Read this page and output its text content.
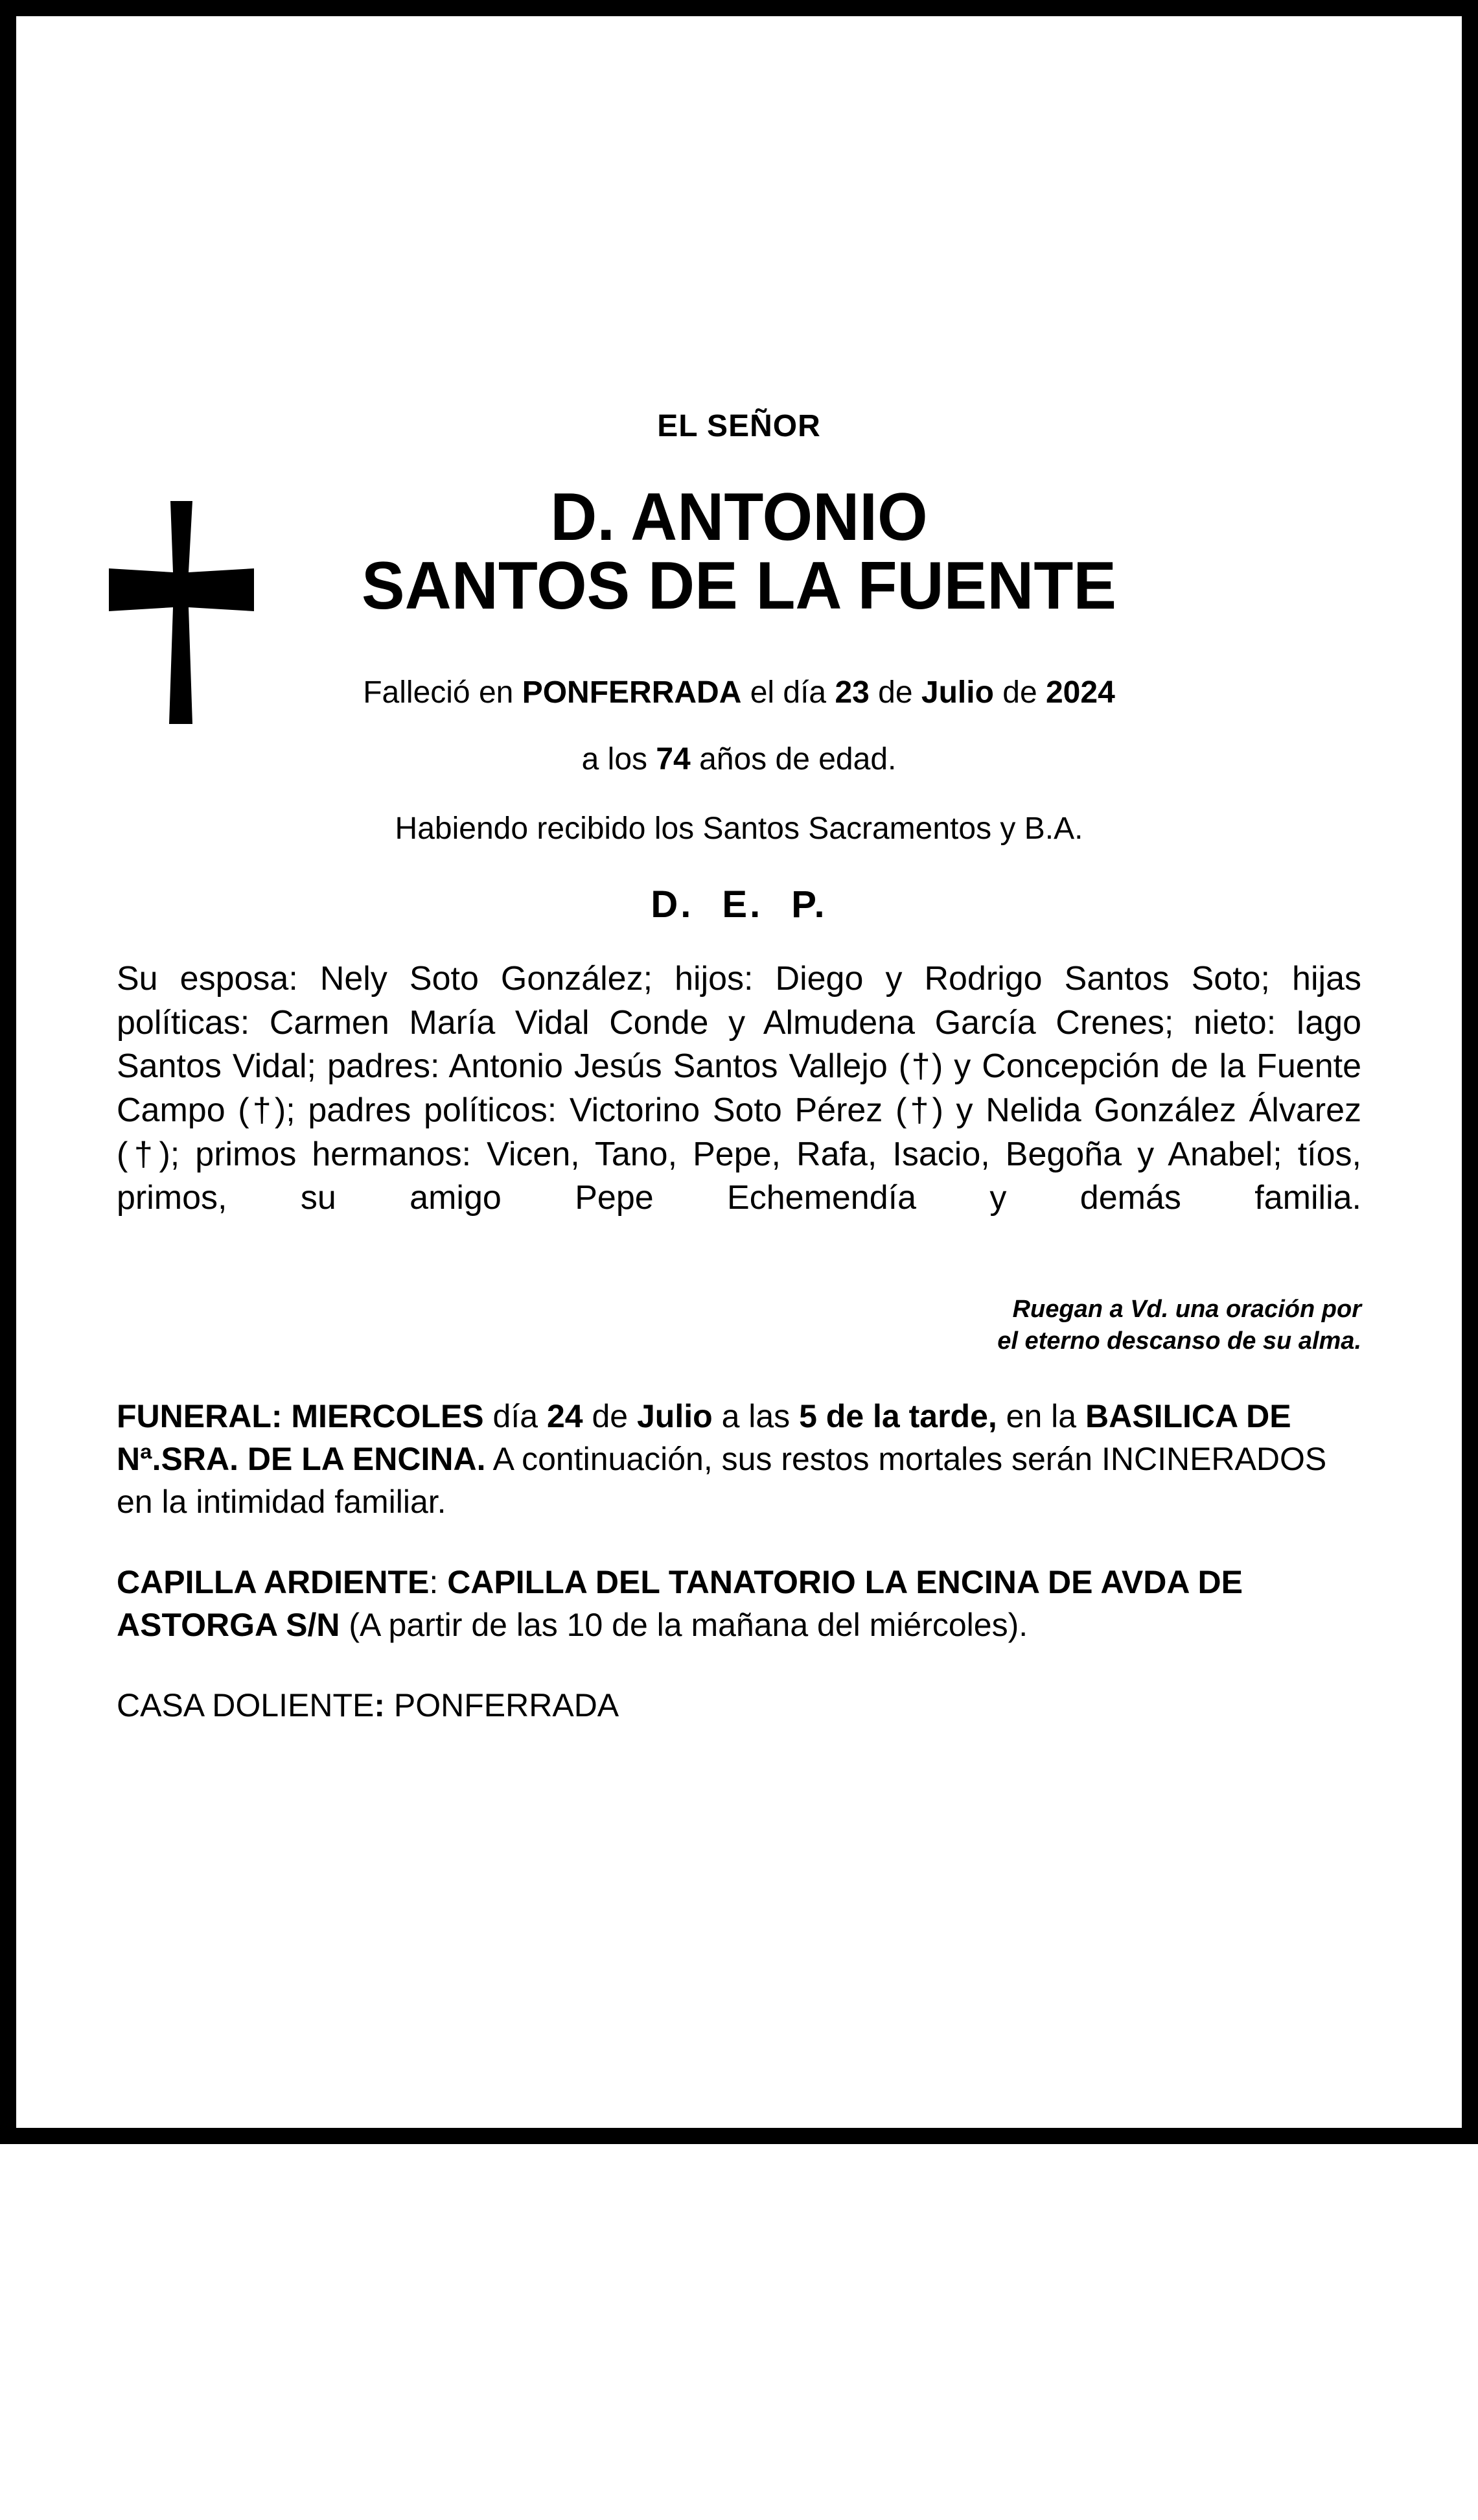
EL SEÑOR
D. ANTONIO
SANTOS DE LA FUENTE
Falleció en PONFERRADA el día 23 de Julio de 2024
a los 74 años de edad.
Habiendo recibido los Santos Sacramentos y B.A.
D. E. P.
Su esposa: Nely Soto González; hijos: Diego y Rodrigo Santos Soto; hijas políticas: Carmen María Vidal Conde y Almudena García Crenes; nieto: Iago Santos Vidal; padres: Antonio Jesús Santos Vallejo (†) y Concepción de la Fuente Campo (†); padres políticos: Victorino Soto Pérez (†) y Nelida González Álvarez (†); primos hermanos: Vicen, Tano, Pepe, Rafa, Isacio, Begoña y Anabel; tíos, primos, su amigo Pepe Echemendía y demás familia.
Ruegan a Vd. una oración por
el eterno descanso de su alma.
FUNERAL: MIERCOLES día 24 de Julio a las 5 de la tarde, en la BASILICA DE Nª.SRA. DE LA ENCINA. A continuación, sus restos mortales serán INCINERADOS en la intimidad familiar.
CAPILLA ARDIENTE: CAPILLA DEL TANATORIO LA ENCINA DE AVDA DE ASTORGA S/N (A partir de las 10 de la mañana del miércoles).
CASA DOLIENTE: PONFERRADA
